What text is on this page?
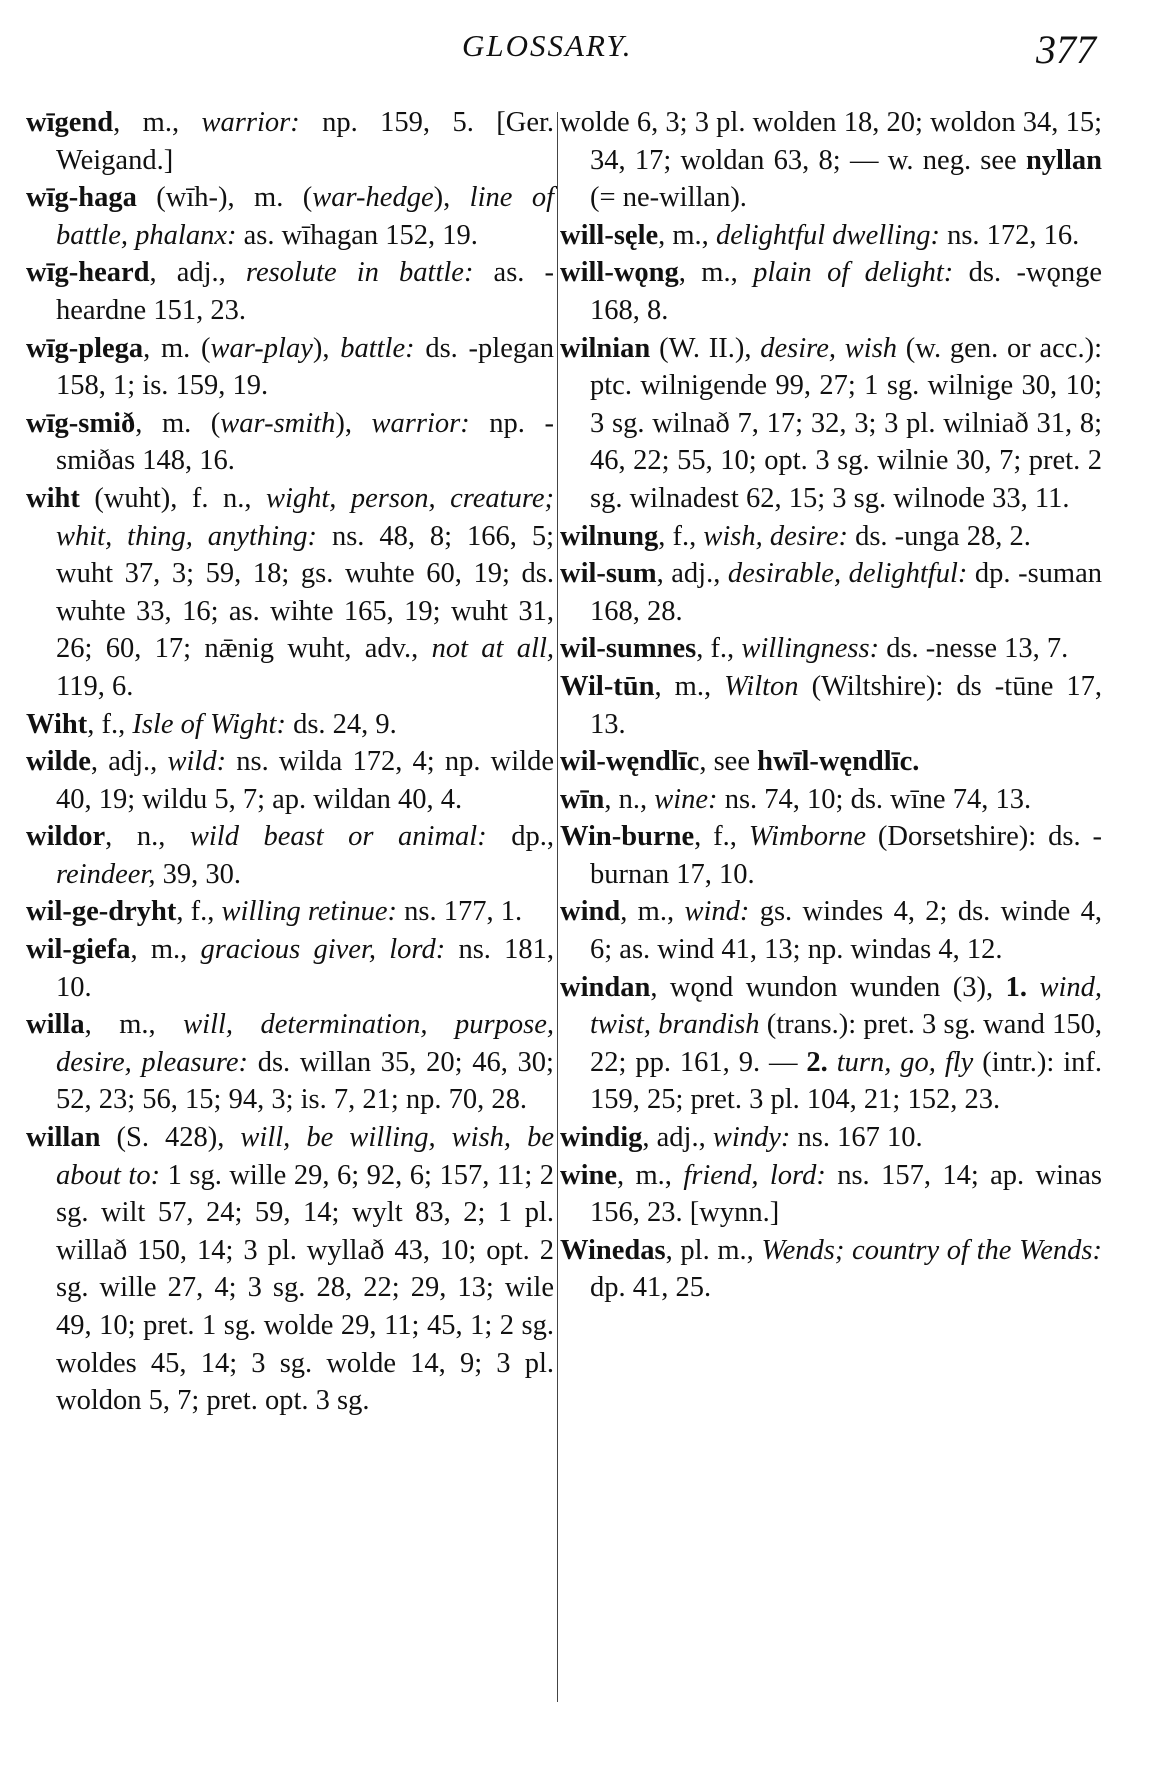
GLOSSARY.	377

wīgend, m., warrior: np. 159, 5. [Ger. Weigand.]

wīg-haga (wīh-), m. (war-hedge), line of battle, phalanx: as. wīhagan 152, 19.

wīg-heard, adj., resolute in battle: as. -heardne 151, 23.

wīg-plega, m. (war-play), battle: ds. -plegan 158, 1; is. 159, 19.

wīg-smið, m. (war-smith), warrior: np. -smiðas 148, 16.

wiht (wuht), f. n., wight, person, creature; whit, thing, anything: ns. 48, 8; 166, 5; wuht 37, 3; 59, 18; gs. wuhte 60, 19; ds. wuhte 33, 16; as. wihte 165, 19; wuht 31, 26; 60, 17; nǣnig wuht, adv., not at all, 119, 6.

Wiht, f., Isle of Wight: ds. 24, 9.

wilde, adj., wild: ns. wilda 172, 4; np. wilde 40, 19; wildu 5, 7; ap. wildan 40, 4.

wildor, n., wild beast or animal: dp., reindeer, 39, 30.

wil-ge-dryht, f., willing retinue: ns. 177, 1.

wil-giefa, m., gracious giver, lord: ns. 181, 10.

willa, m., will, determination, purpose, desire, pleasure: ds. willan 35, 20; 46, 30; 52, 23; 56, 15; 94, 3; is. 7, 21; np. 70, 28.

willan (S. 428), will, be willing, wish, be about to: 1 sg. wille 29, 6; 92, 6; 157, 11; 2 sg. wilt 57, 24; 59, 14; wylt 83, 2; 1 pl. willað 150, 14; 3 pl. wyllað 43, 10; opt. 2 sg. wille 27, 4; 3 sg. 28, 22; 29, 13; wile 49, 10; pret. 1 sg. wolde 29, 11; 45, 1; 2 sg. woldes 45, 14; 3 sg. wolde 14, 9; 3 pl. woldon 5, 7; pret. opt. 3 sg.

wolde 6, 3; 3 pl. wolden 18, 20; woldon 34, 15; 34, 17; woldan 63, 8; — w. neg. see nyllan (= ne-willan).

will-sęle, m., delightful dwelling: ns. 172, 16.

will-wǫng, m., plain of delight: ds. -wǫnge 168, 8.

wilnian (W. II.), desire, wish (w. gen. or acc.): ptc. wilnigende 99, 27; 1 sg. wilnige 30, 10; 3 sg. wilnað 7, 17; 32, 3; 3 pl. wilniað 31, 8; 46, 22; 55, 10; opt. 3 sg. wilnie 30, 7; pret. 2 sg. wilnadest 62, 15; 3 sg. wilnode 33, 11.

wilnung, f., wish, desire: ds. -unga 28, 2.

wil-sum, adj., desirable, delightful: dp. -suman 168, 28.

wil-sumnes, f., willingness: ds. -nesse 13, 7.

Wil-tūn, m., Wilton (Wiltshire): ds -tūne 17, 13.

wil-węndlīc, see hwīl-węndlīc.

wīn, n., wine: ns. 74, 10; ds. wīne 74, 13.

Win-burne, f., Wimborne (Dorsetshire): ds. -burnan 17, 10.

wind, m., wind: gs. windes 4, 2; ds. winde 4, 6; as. wind 41, 13; np. windas 4, 12.

windan, wǫnd wundon wunden (3), 1. wind, twist, brandish (trans.): pret. 3 sg. wand 150, 22; pp. 161, 9. — 2. turn, go, fly (intr.): inf. 159, 25; pret. 3 pl. 104, 21; 152, 23.

windig, adj., windy: ns. 167 10.

wine, m., friend, lord: ns. 157, 14; ap. winas 156, 23. [wynn.]

Winedas, pl. m., Wends; country of the Wends: dp. 41, 25.
